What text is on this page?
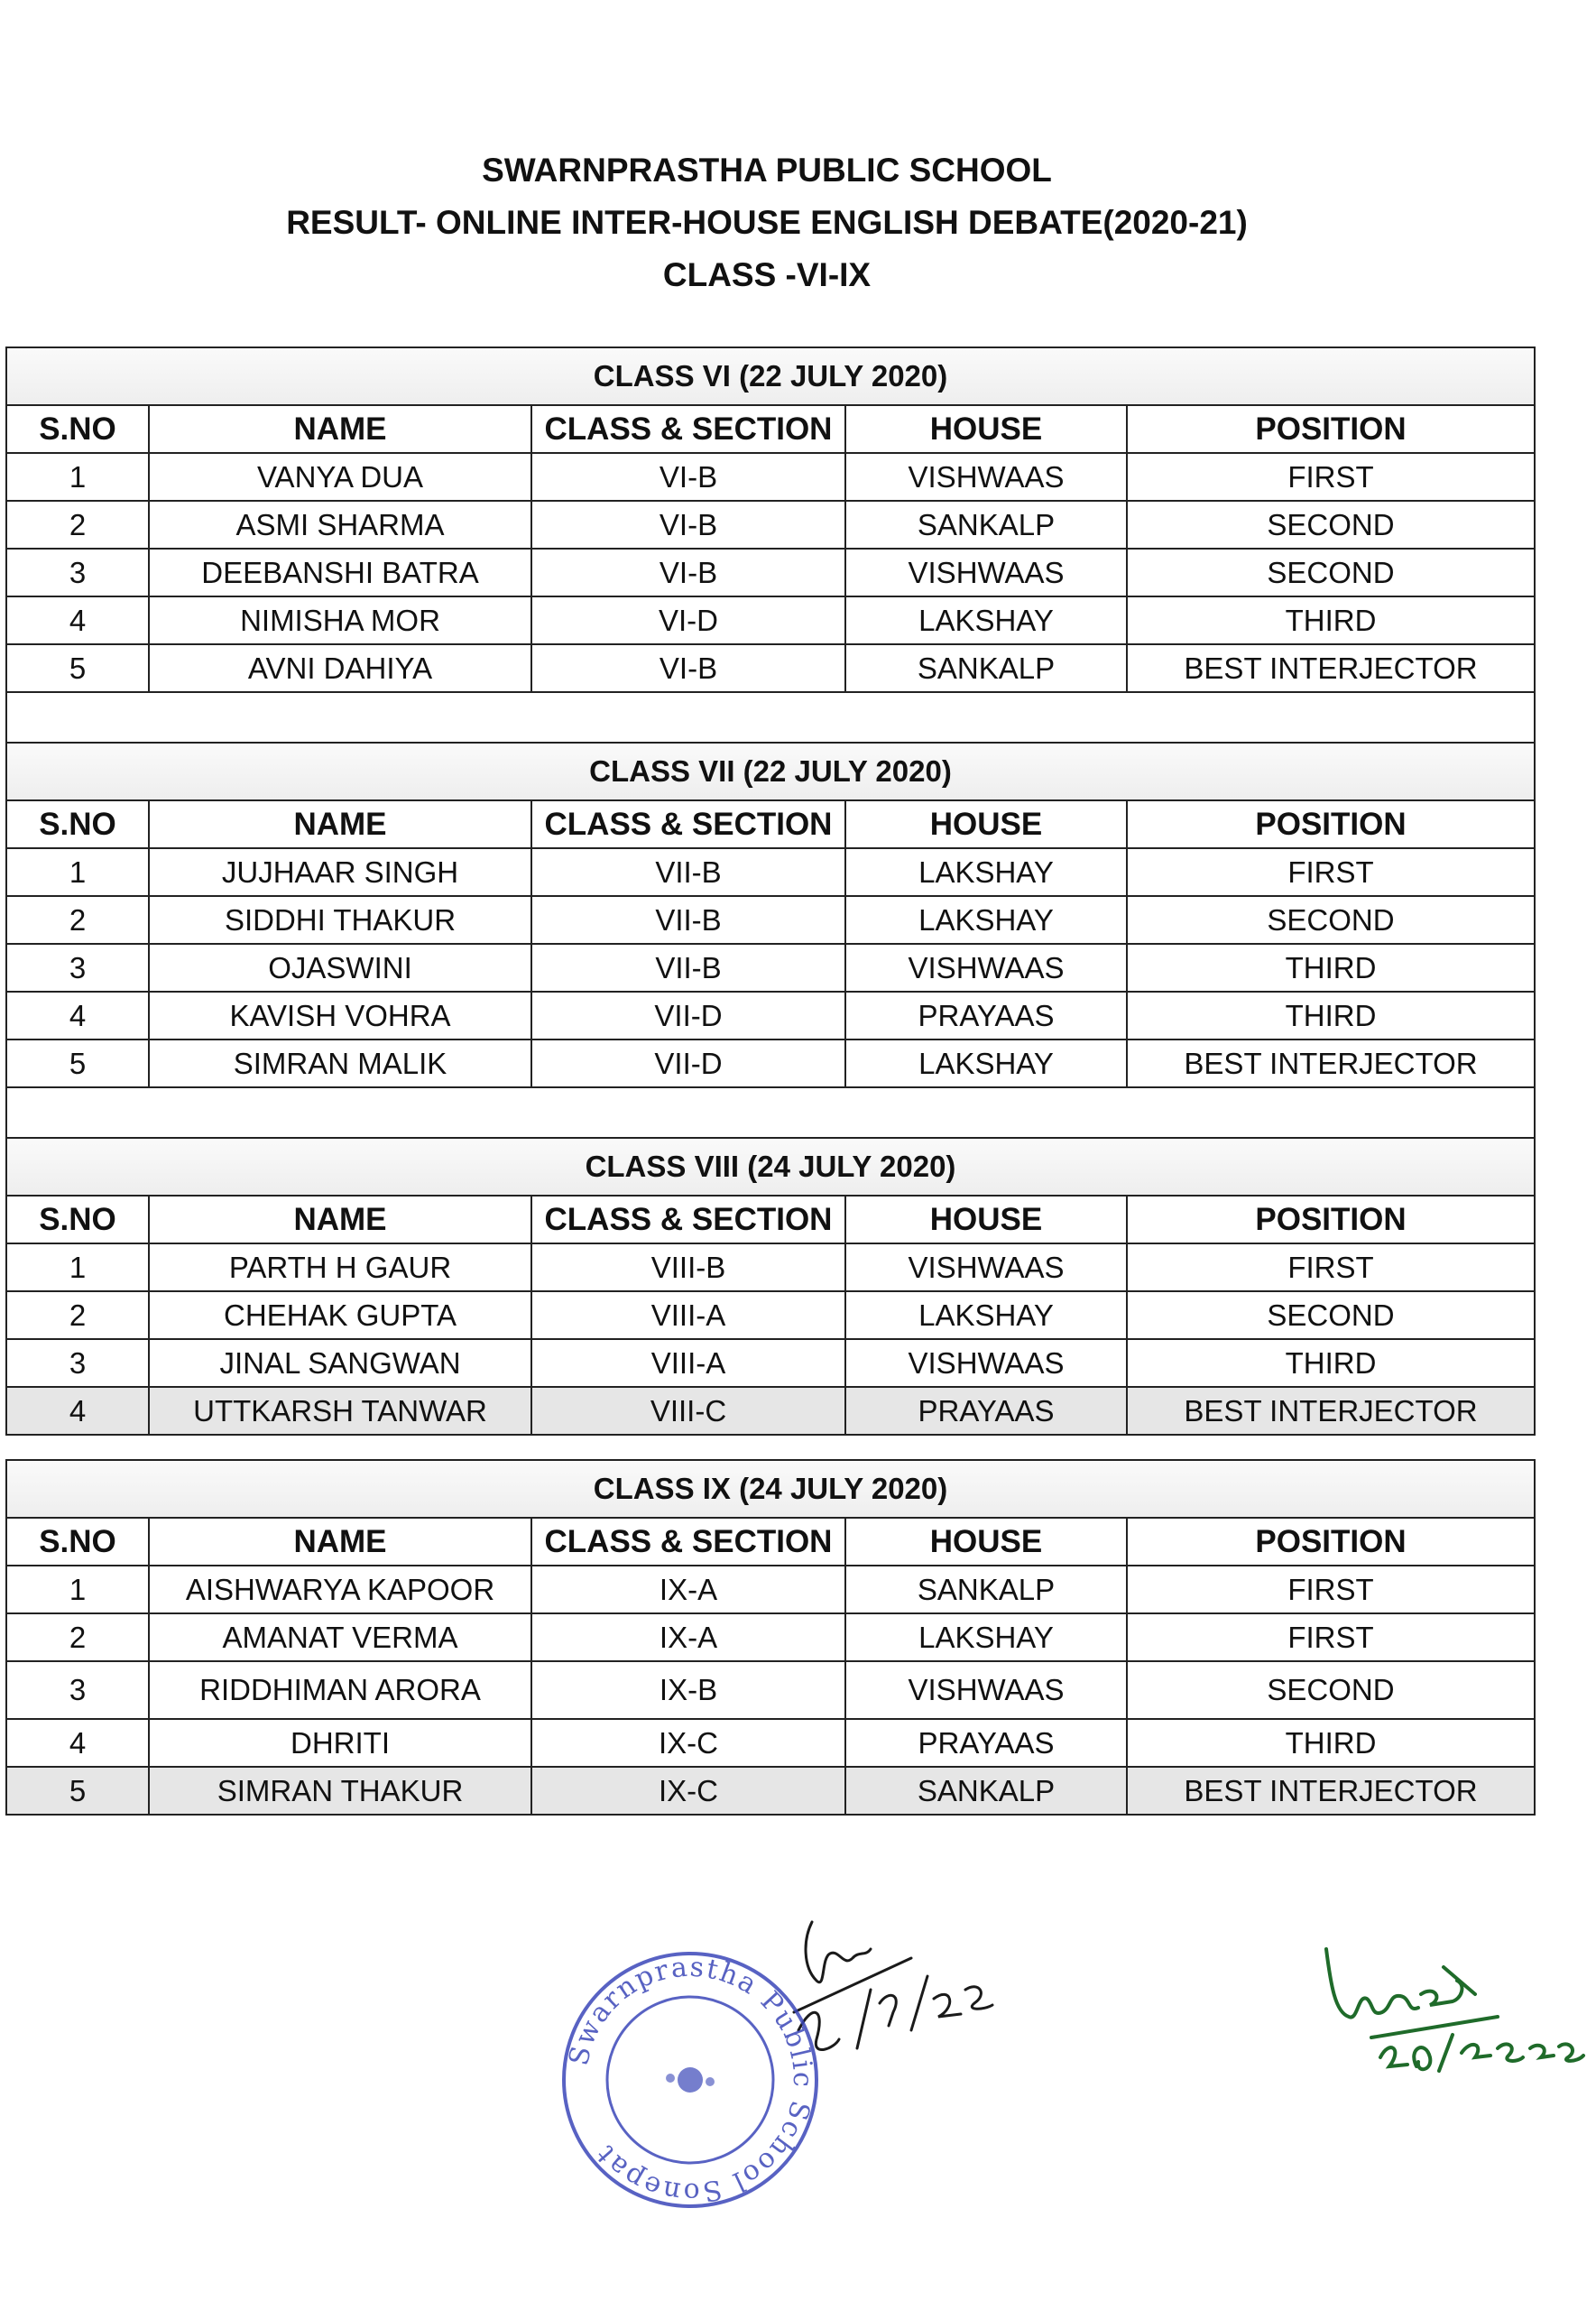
SWARNPRASTHA PUBLIC SCHOOL
RESULT- ONLINE INTER-HOUSE ENGLISH DEBATE(2020-21)
CLASS -VI-IX
CLASS VI (22 JULY 2020)				
S.NO	NAME	CLASS & SECTION	HOUSE	POSITION
1	VANYA DUA	VI-B	VISHWAAS	FIRST
2	ASMI SHARMA	VI-B	SANKALP	SECOND
3	DEEBANSHI BATRA	VI-B	VISHWAAS	SECOND
4	NIMISHA MOR	VI-D	LAKSHAY	THIRD
5	AVNI DAHIYA	VI-B	SANKALP	BEST INTERJECTOR

CLASS VII (22 JULY 2020)				
S.NO	NAME	CLASS & SECTION	HOUSE	POSITION
1	JUJHAAR SINGH	VII-B	LAKSHAY	FIRST
2	SIDDHI THAKUR	VII-B	LAKSHAY	SECOND
3	OJASWINI	VII-B	VISHWAAS	THIRD
4	KAVISH VOHRA	VII-D	PRAYAAS	THIRD
5	SIMRAN MALIK	VII-D	LAKSHAY	BEST INTERJECTOR

CLASS VIII (24 JULY 2020)				
S.NO	NAME	CLASS & SECTION	HOUSE	POSITION
1	PARTH H GAUR	VIII-B	VISHWAAS	FIRST
2	CHEHAK GUPTA	VIII-A	LAKSHAY	SECOND
3	JINAL SANGWAN	VIII-A	VISHWAAS	THIRD
4	UTTKARSH TANWAR	VIII-C	PRAYAAS	BEST INTERJECTOR
CLASS IX (24 JULY 2020)				
S.NO	NAME	CLASS & SECTION	HOUSE	POSITION
1	AISHWARYA KAPOOR	IX-A	SANKALP	FIRST
2	AMANAT VERMA	IX-A	LAKSHAY	FIRST
3	RIDDHIMAN ARORA	IX-B	VISHWAAS	SECOND
4	DHRITI	IX-C	PRAYAAS	THIRD
5	SIMRAN THAKUR	IX-C	SANKALP	BEST INTERJECTOR
Swarnprastha Public School Sonepat
